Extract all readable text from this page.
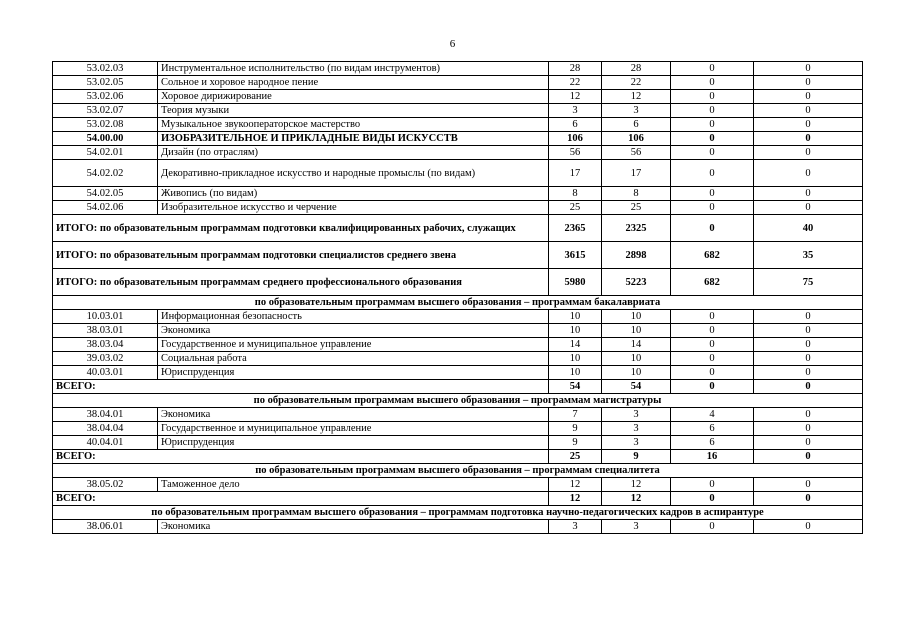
6
53.02.03	Инструментальное исполнительство (по видам инструментов)	28	28	0	0
53.02.05	Сольное и хоровое народное пение	22	22	0	0
53.02.06	Хоровое дирижирование	12	12	0	0
53.02.07	Теория музыки	3	3	0	0
53.02.08	Музыкальное звукооператорское мастерство	6	6	0	0
54.00.00	ИЗОБРАЗИТЕЛЬНОЕ И ПРИКЛАДНЫЕ ВИДЫ ИСКУССТВ	106	106	0	0
54.02.01	Дизайн (по отраслям)	56	56	0	0
54.02.02	Декоративно-прикладное искусство и народные промыслы (по видам)	17	17	0	0
54.02.05	Живопись (по видам)	8	8	0	0
54.02.06	Изобразительное искусство и черчение	25	25	0	0
ИТОГО: по образовательным программам подготовки квалифицированных рабочих, служащих		2365	2325	0	40
ИТОГО: по образовательным программам подготовки специалистов среднего звена		3615	2898	682	35
ИТОГО: по образовательным программам среднего профессионального образования		5980	5223	682	75
по образовательным программам высшего образования – программам бакалавриата					
10.03.01	Информационная безопасность	10	10	0	0
38.03.01	Экономика	10	10	0	0
38.03.04	Государственное и муниципальное управление	14	14	0	0
39.03.02	Социальная работа	10	10	0	0
40.03.01	Юриспруденция	10	10	0	0
ВСЕГО:		54	54	0	0
по образовательным программам высшего образования – программам магистратуры					
38.04.01	Экономика	7	3	4	0
38.04.04	Государственное и муниципальное управление	9	3	6	0
40.04.01	Юриспруденция	9	3	6	0
ВСЕГО:		25	9	16	0
по образовательным программам высшего образования – программам специалитета					
38.05.02	Таможенное дело	12	12	0	0
ВСЕГО:		12	12	0	0
по образовательным программам высшего образования – программам подготовка научно-педагогических кадров в аспирантуре					
38.06.01	Экономика	3	3	0	0
